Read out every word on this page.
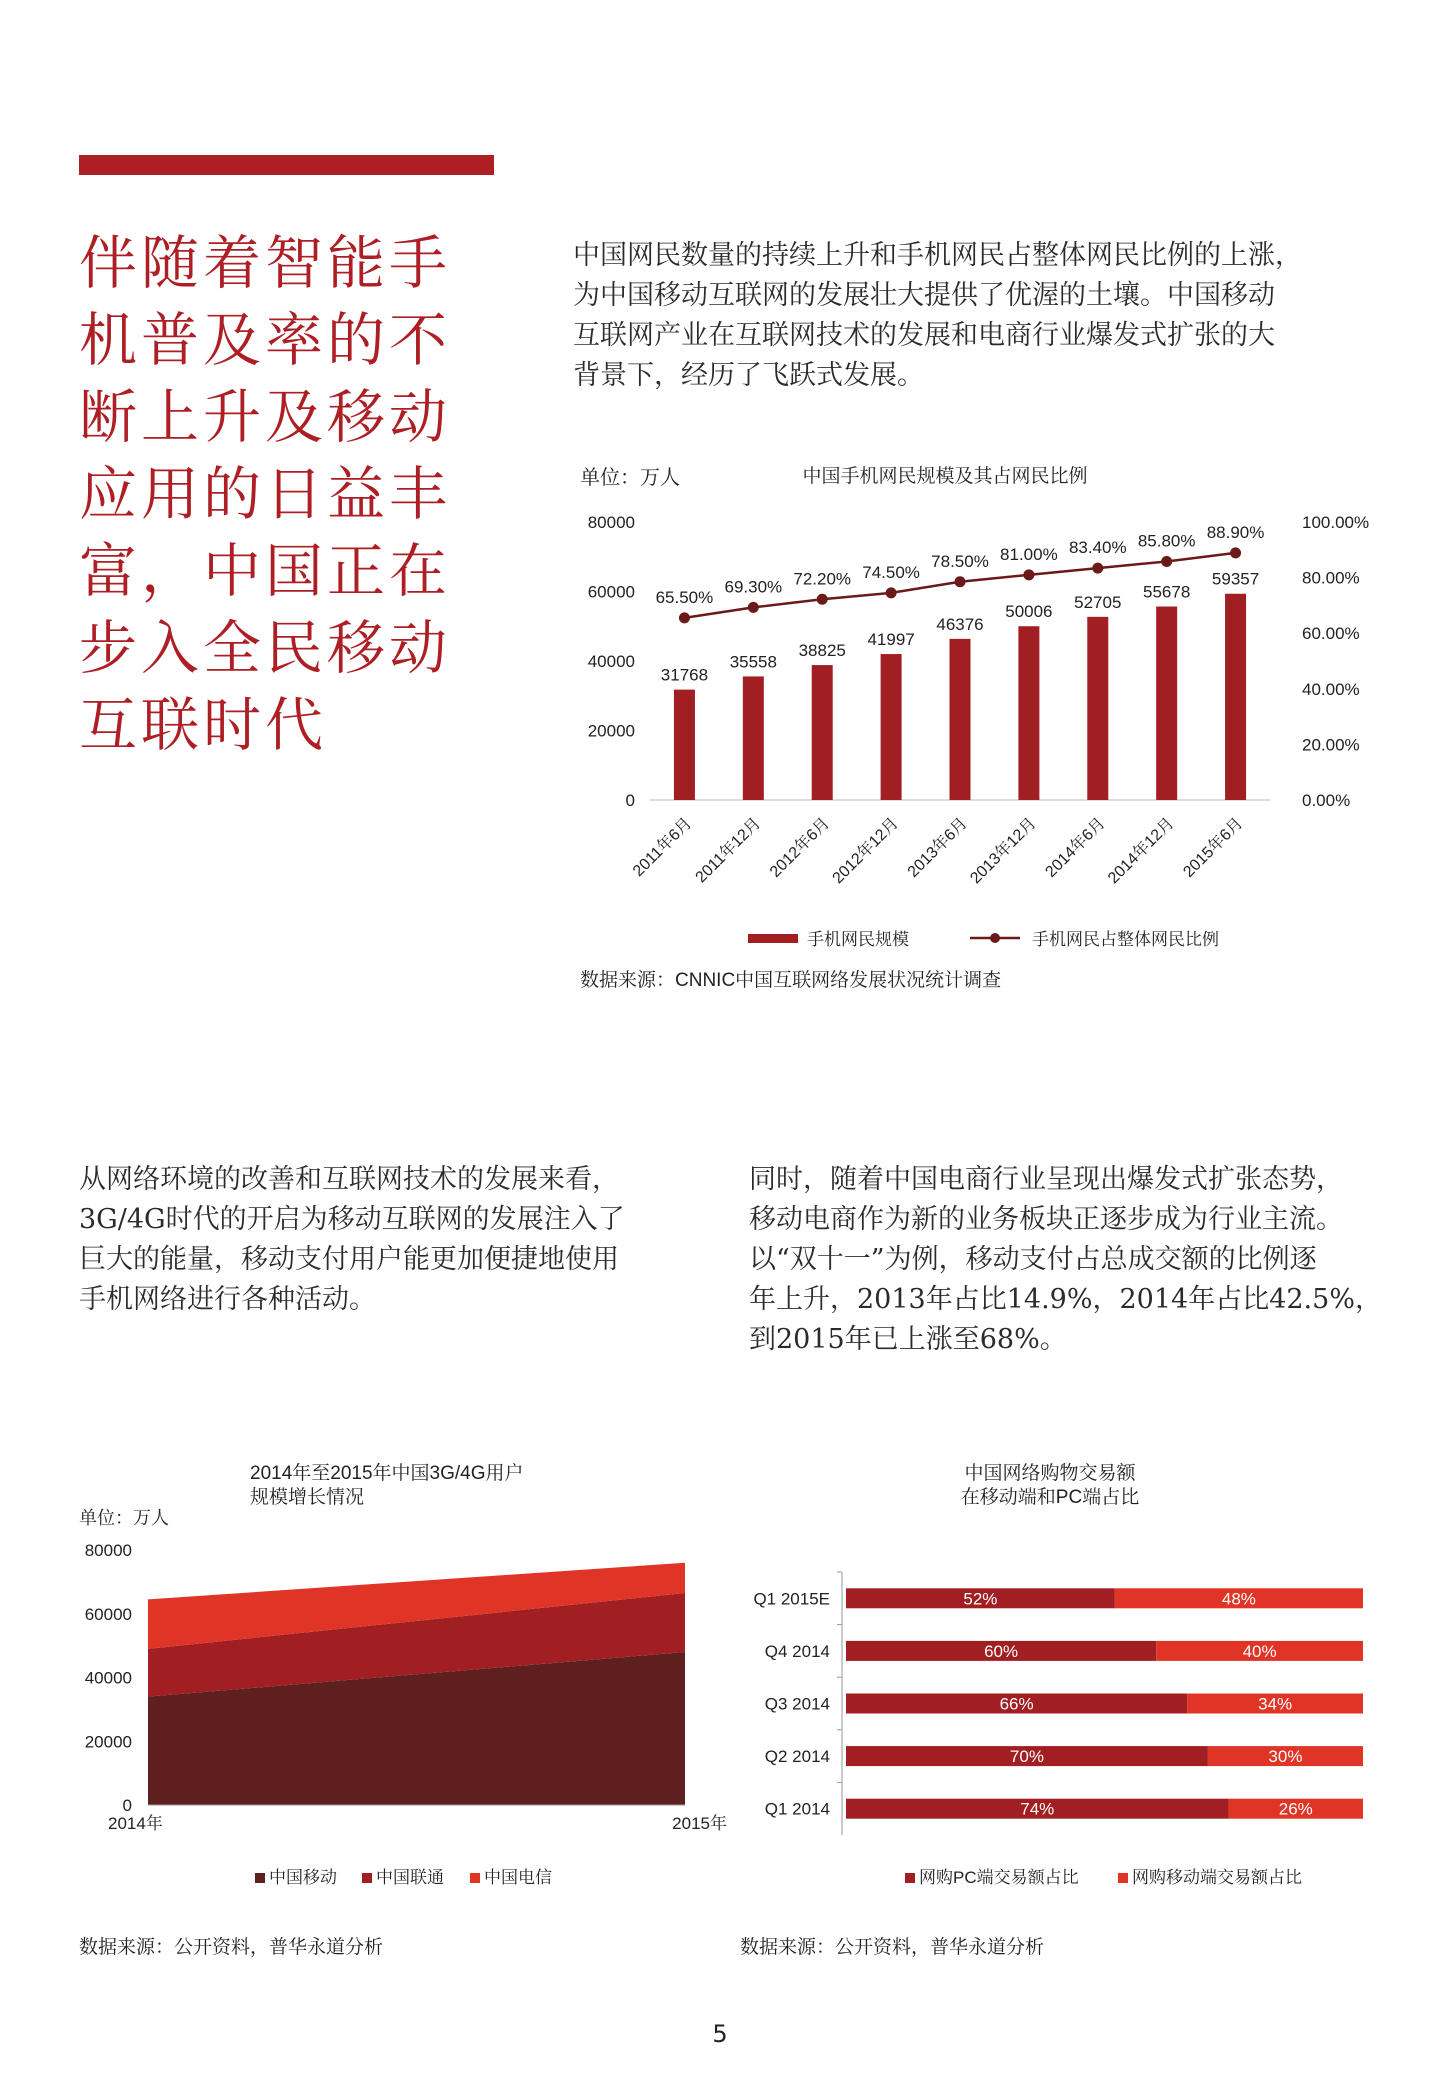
伴随着智能手
机普及率的不
断上升及移动
应用的日益丰
富，中国正在
步入全民移动
互联时代
中国网民数量的持续上升和手机网民占整体网民比例的上涨，
为中国移动互联网的发展壮大提供了优渥的土壤。中国移动
互联网产业在互联网技术的发展和电商行业爆发式扩张的大
背景下，经历了飞跃式发展。
单位：万人	中国手机网民规模及其占网民比例
0
20000
40000
60000
80000
0.00%
20.00%
40.00%
60.00%
80.00%
100.00%
31768
65.50%
2011年6月
35558
69.30%
2011年12月
38825
72.20%
2012年6月
41997
74.50%
2012年12月
46376
78.50%
2013年6月
50006
81.00%
2013年12月
52705
83.40%
2014年6月
55678
85.80%
2014年12月
59357
88.90%
2015年6月
手机网民规模	手机网民占整体网民比例
数据来源：CNNIC中国互联网络发展状况统计调查
从网络环境的改善和互联网技术的发展来看，
3G/4G时代的开启为移动互联网的发展注入了
巨大的能量，移动支付用户能更加便捷地使用
手机网络进行各种活动。
同时，随着中国电商行业呈现出爆发式扩张态势，
移动电商作为新的业务板块正逐步成为行业主流。
以“双十一”为例，移动支付占总成交额的比例逐
年上升，2013年占比14.9%，2014年占比42.5%，
到2015年已上涨至68%。
2014年至2015年中国3G/4G用户
规模增长情况
单位：万人
0
20000
40000
60000
80000
2014年	2015年
中国移动 中国联通 中国电信
数据来源：公开资料，普华永道分析
中国网络购物交易额
在移动端和PC端占比
Q1 2015E	52%	48%
Q4 2014	60%	40%
Q3 2014	66%	34%
Q2 2014	70%	30%
Q1 2014	74%	26%
网购PC端交易额占比	网购移动端交易额占比
数据来源：公开资料，普华永道分析
5
